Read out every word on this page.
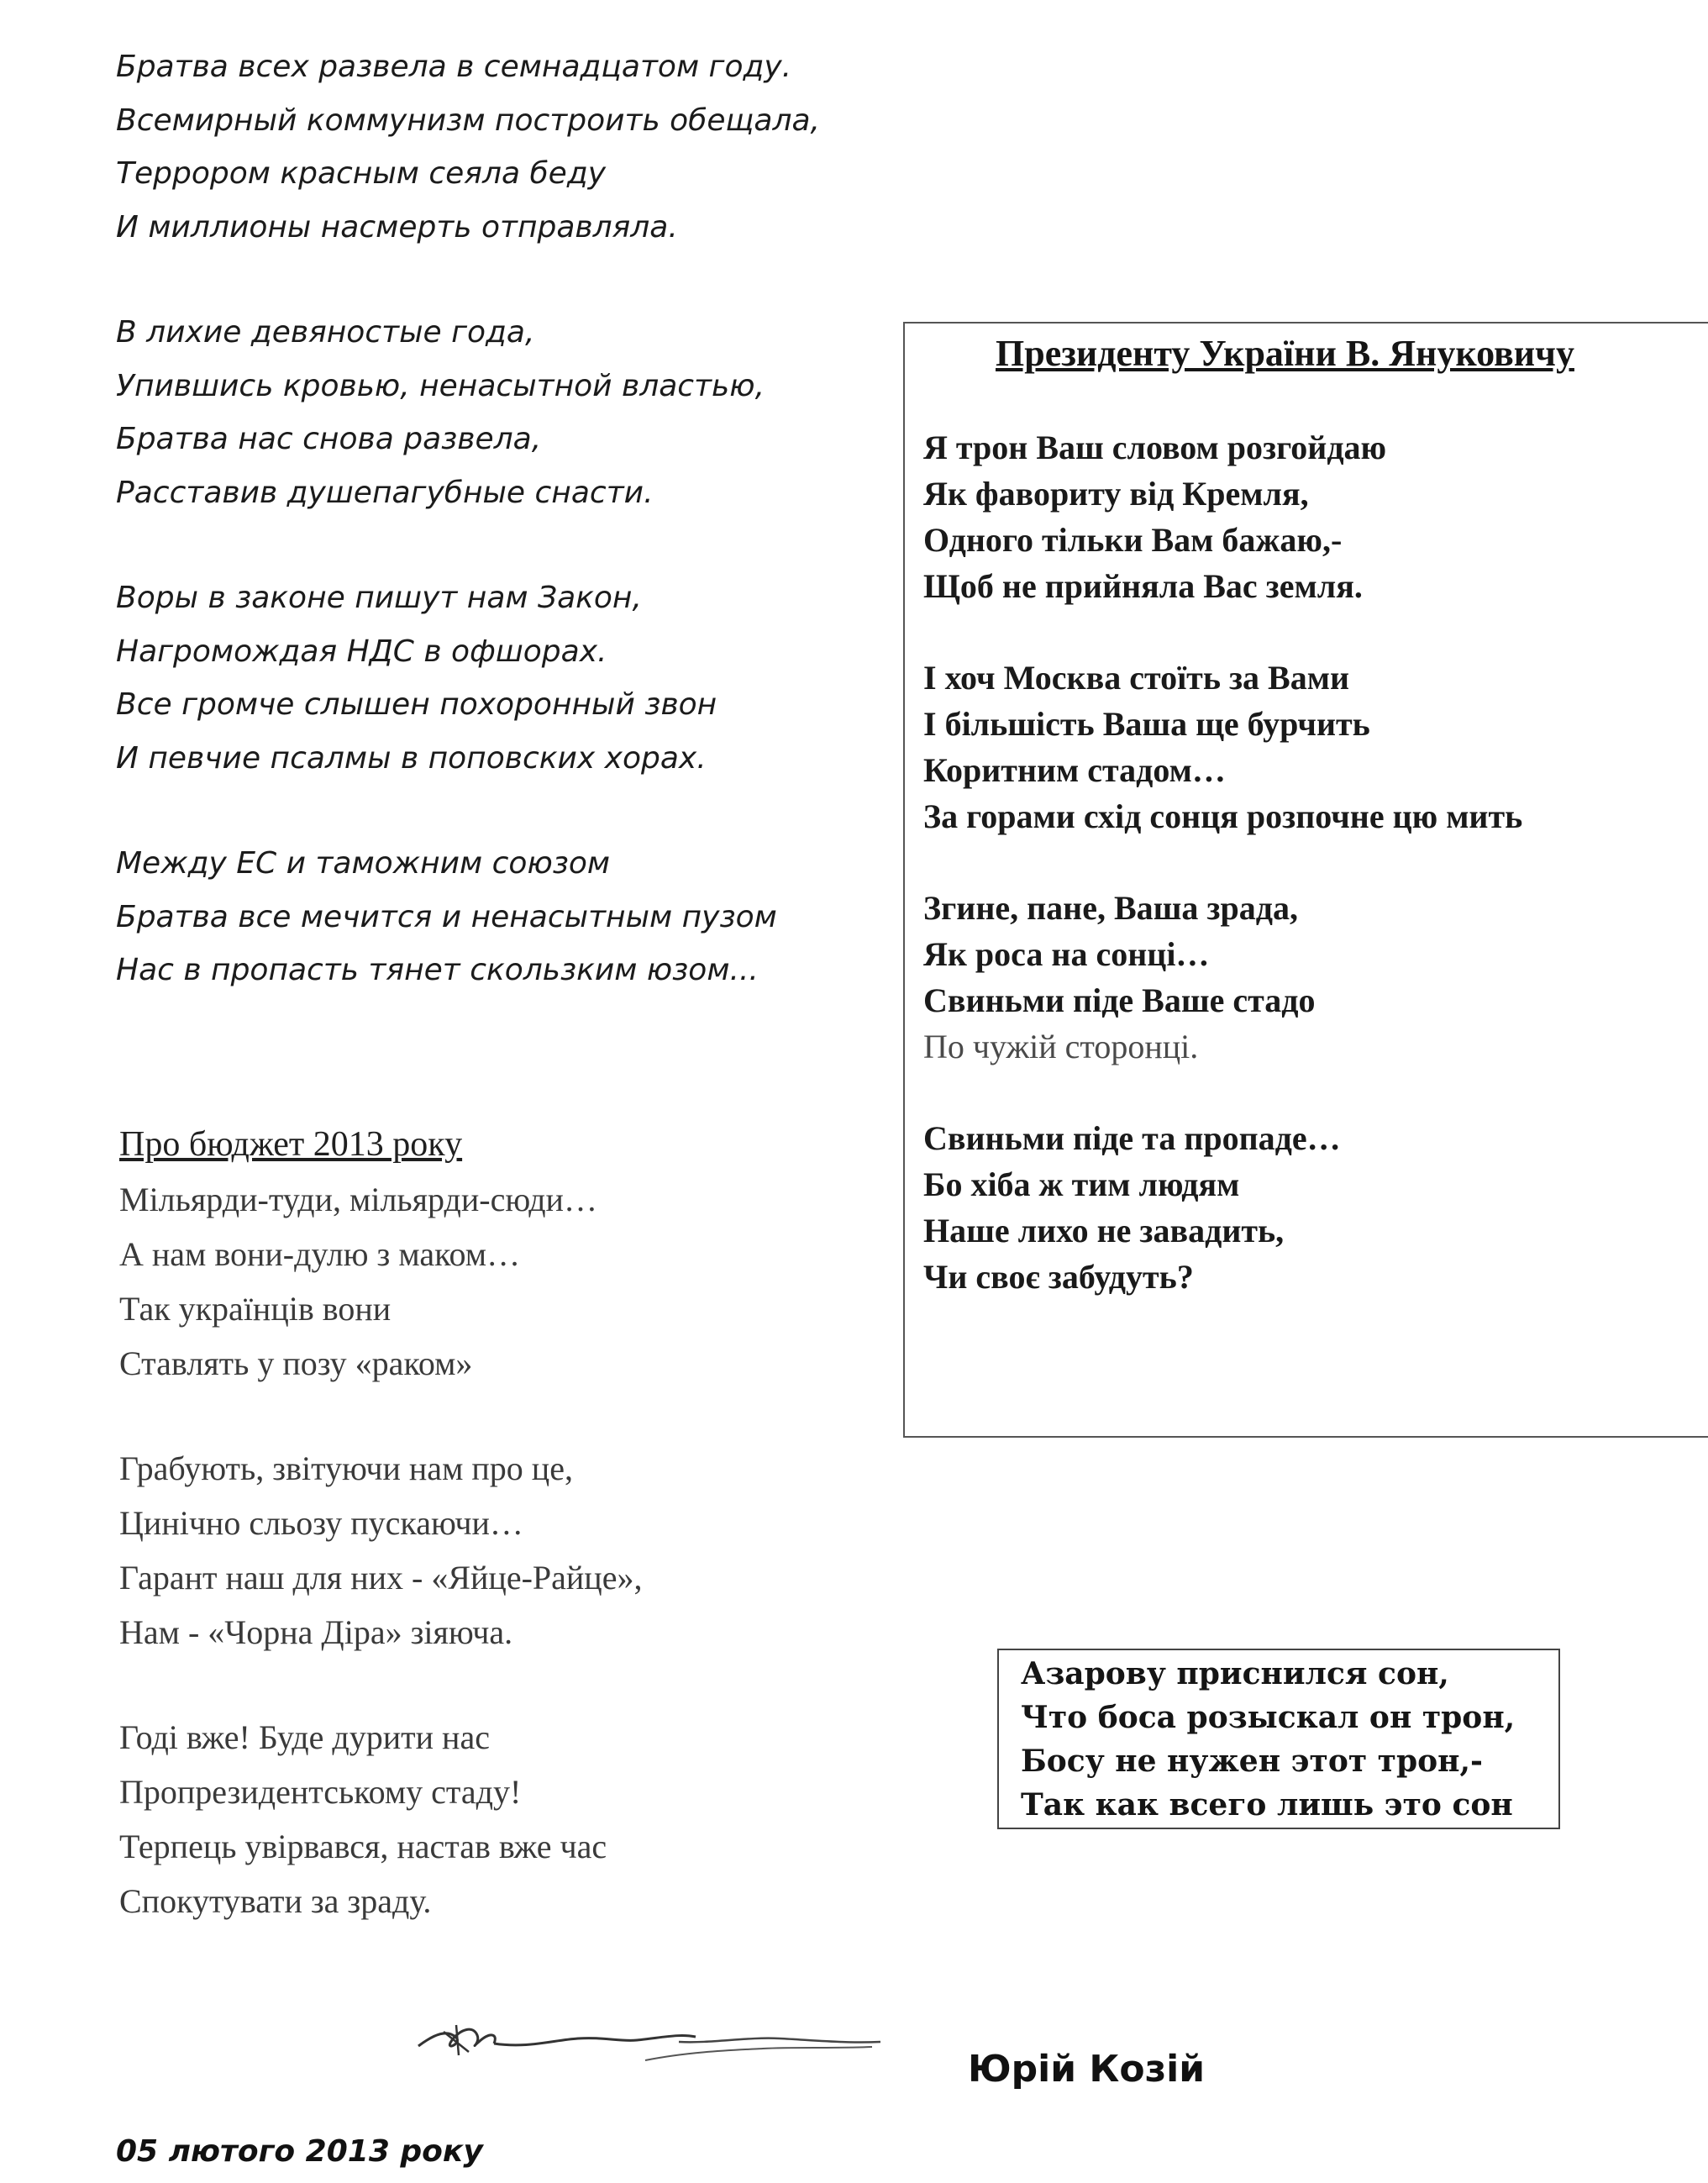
Братва всех развела в семнадцатом году.
Всемирный коммунизм построить обещала,
Террором красным сеяла беду
И миллионы насмерть отправляла.
В лихие девяностые года,
Упившись кровью, ненасытной властью,
Братва нас снова развела,
Расставив душепагубные снасти.
Воры в законе пишут нам Закон,
Нагромождая НДС в офшорах.
Все громче слышен похоронный звон
И певчие псалмы в поповских хорах.
Между ЕС и таможним союзом
Братва все мечится и ненасытным пузом
Нас в пропасть тянет скользким юзом...
Про бюджет 2013 року
Мільярди-туди, мільярди-сюди…
А нам вони-дулю з маком…
Так українців вони
Ставлять у позу «раком»
Грабують, звітуючи нам про це,
Цинічно сльозу пускаючи…
Гарант наш для них - «Яйце-Райце»,
Нам - «Чорна Діра» зіяюча.
Годі вже! Буде дурити нас
Пропрезидентському стаду!
Терпець увірвався, настав вже час
Спокутувати за зраду.
Президенту України В. Януковичу
Я трон Ваш словом розгойдаю
Як фавориту від Кремля,
Одного тільки Вам бажаю,-
Щоб не прийняла Вас земля.
І хоч Москва стоїть за Вами
І більшість Ваша ще бурчить
Коритним стадом…
За горами схід сонця розпочне цю мить
Згине, пане, Ваша зрада,
Як роса на сонці…
Свиньми піде Ваше стадо
По чужій сторонці.
Свиньми піде та пропаде…
Бо хіба ж тим людям
Наше лихо не завадить,
Чи своє забудуть?
Азарову приснился сон,
Что боса розыскал он трон,
Босу не нужен этот трон,-
Так как всего лишь это сон
Юрій Козій
05 лютого 2013 року
